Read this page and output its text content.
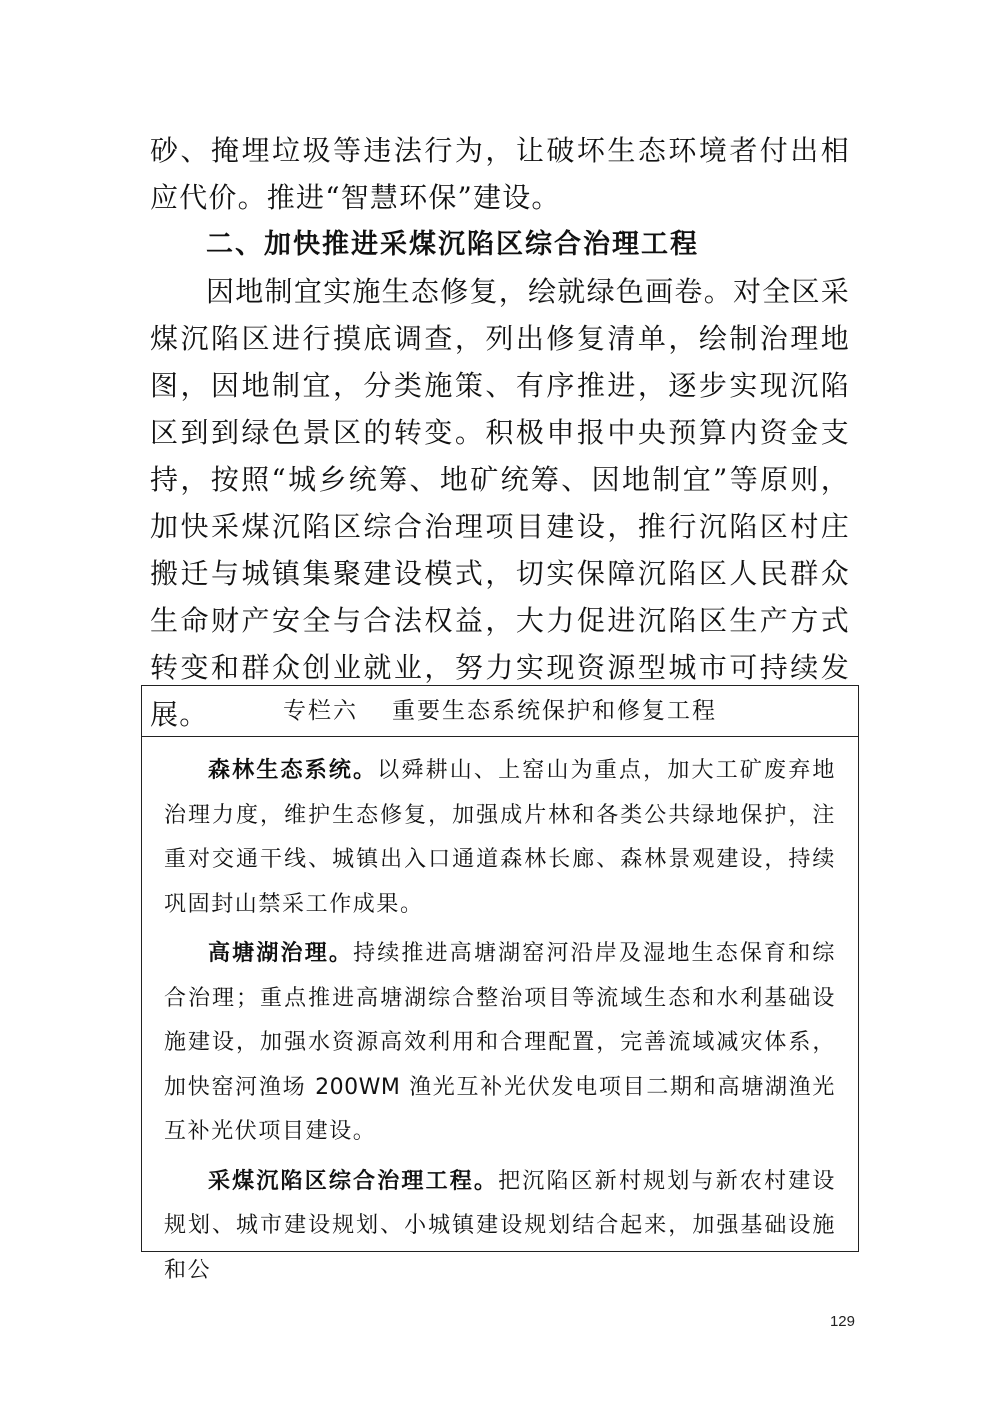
砂、掩埋垃圾等违法行为，让破坏生态环境者付出相应代价。推进“智慧环保”建设。

二、加快推进采煤沉陷区综合治理工程

因地制宜实施生态修复，绘就绿色画卷。对全区采煤沉陷区进行摸底调查，列出修复清单，绘制治理地图，因地制宜，分类施策、有序推进，逐步实现沉陷区到到绿色景区的转变。积极申报中央预算内资金支持，按照“城乡统筹、地矿统筹、因地制宜”等原则，加快采煤沉陷区综合治理项目建设，推行沉陷区村庄搬迁与城镇集聚建设模式，切实保障沉陷区人民群众生命财产安全与合法权益，大力促进沉陷区生产方式转变和群众创业就业，努力实现资源型城市可持续发展。	专栏六 重要生态系统保护和修复工程

森林生态系统。以舜耕山、上窑山为重点，加大工矿废弃地治理力度，维护生态修复，加强成片林和各类公共绿地保护，注重对交通干线、城镇出入口通道森林长廊、森林景观建设，持续巩固封山禁采工作成果。

高塘湖治理。持续推进高塘湖窑河沿岸及湿地生态保育和综合治理；重点推进高塘湖综合整治项目等流域生态和水利基础设施建设，加强水资源高效利用和合理配置，完善流域减灾体系，加快窑河渔场 200WM 渔光互补光伏发电项目二期和高塘湖渔光互补光伏项目建设。

采煤沉陷区综合治理工程。把沉陷区新村规划与新农村建设规划、城市建设规划、小城镇建设规划结合起来，加强基础设施和公

129
